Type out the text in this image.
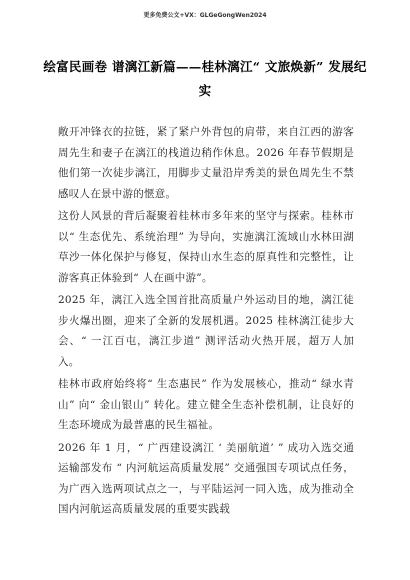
更多免费公文+VX：GLGeGongWen2024
绘富民画卷 谱漓江新篇——桂林漓江“ 文旅焕新” 发展纪实

敞开冲锋衣的拉链，紧了紧户外背包的肩带，来自江西的游客周先生和妻子在漓江的栈道边稍作休息。2026 年春节假期是他们第一次徒步漓江，用脚步丈量沿岸秀美的景色周先生不禁感叹人在景中游的惬意。

这份人风景的背后凝聚着桂林市多年来的坚守与探索。桂林市以“ 生态优先、系统治理” 为导向，实施漓江流域山水林田湖草沙一体化保护与修复，保持山水生态的原真性和完整性，让游客真正体验到“ 人在画中游”。

2025 年，漓江入选全国首批高质量户外运动目的地，漓江徒步火爆出圈，迎来了全新的发展机遇。2025 桂林漓江徒步大会、“ 一江百屯，漓江步道” 测评活动火热开展，超万人加入。

桂林市政府始终将“ 生态惠民” 作为发展核心，推动“ 绿水青山” 向“ 金山银山” 转化。建立健全生态补偿机制，让良好的生态环境成为最普惠的民生福祉。

2026 年 1 月，“ 广西建设漓江 ‘ 美丽航道’ ” 成功入选交通运输部发布 “ 内河航运高质量发展” 交通强国专项试点任务，为广西入选两项试点之一，与平陆运河一同入选，成为推动全国内河航运高质量发展的重要实践载
